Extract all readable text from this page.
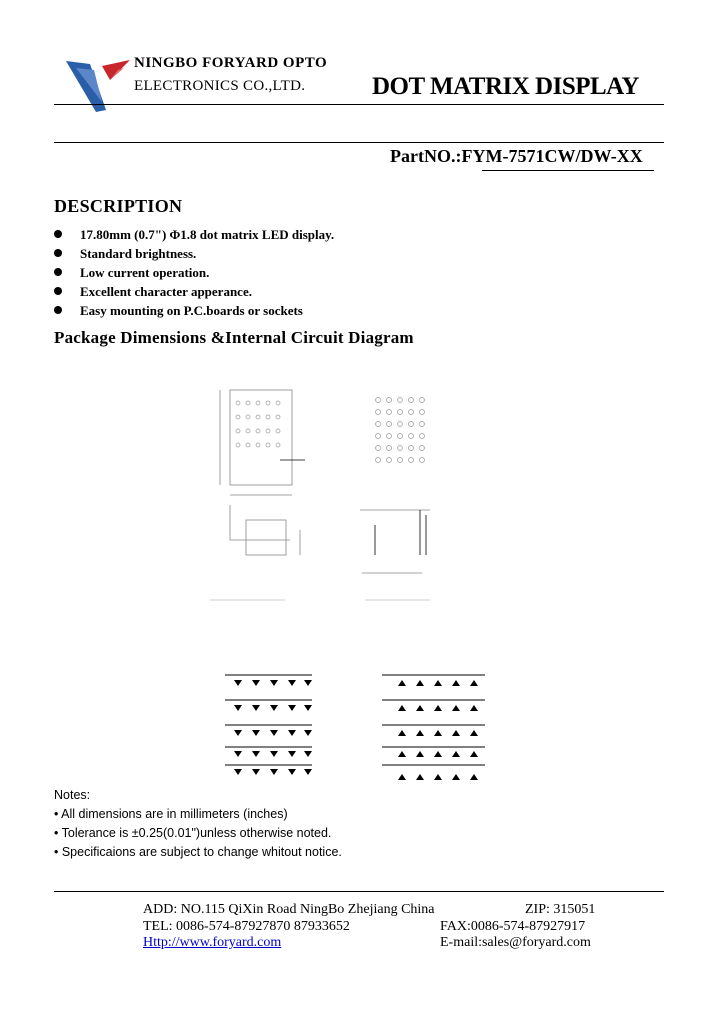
NINGBO FORYARD OPTO
ELECTRONICS CO.,LTD.	DOT MATRIX DISPLAY
PartNO.:FYM-7571CW/DW-XX
DESCRIPTION
17.80mm (0.7") Φ1.8 dot matrix LED display.
Standard brightness.
Low current operation.
Excellent character apperance.
Easy mounting on P.C.boards or sockets
Package Dimensions &Internal Circuit Diagram
Notes:
• All dimensions are in millimeters (inches)
• Tolerance is ±0.25(0.01")unless otherwise noted.
• Specificaions are subject to change whitout notice.
ADD: NO.115 QiXin Road NingBo Zhejiang China	ZIP: 315051
TEL: 0086-574-87927870 87933652	FAX:0086-574-87927917
Http://www.foryard.com	E-mail:sales@foryard.com
